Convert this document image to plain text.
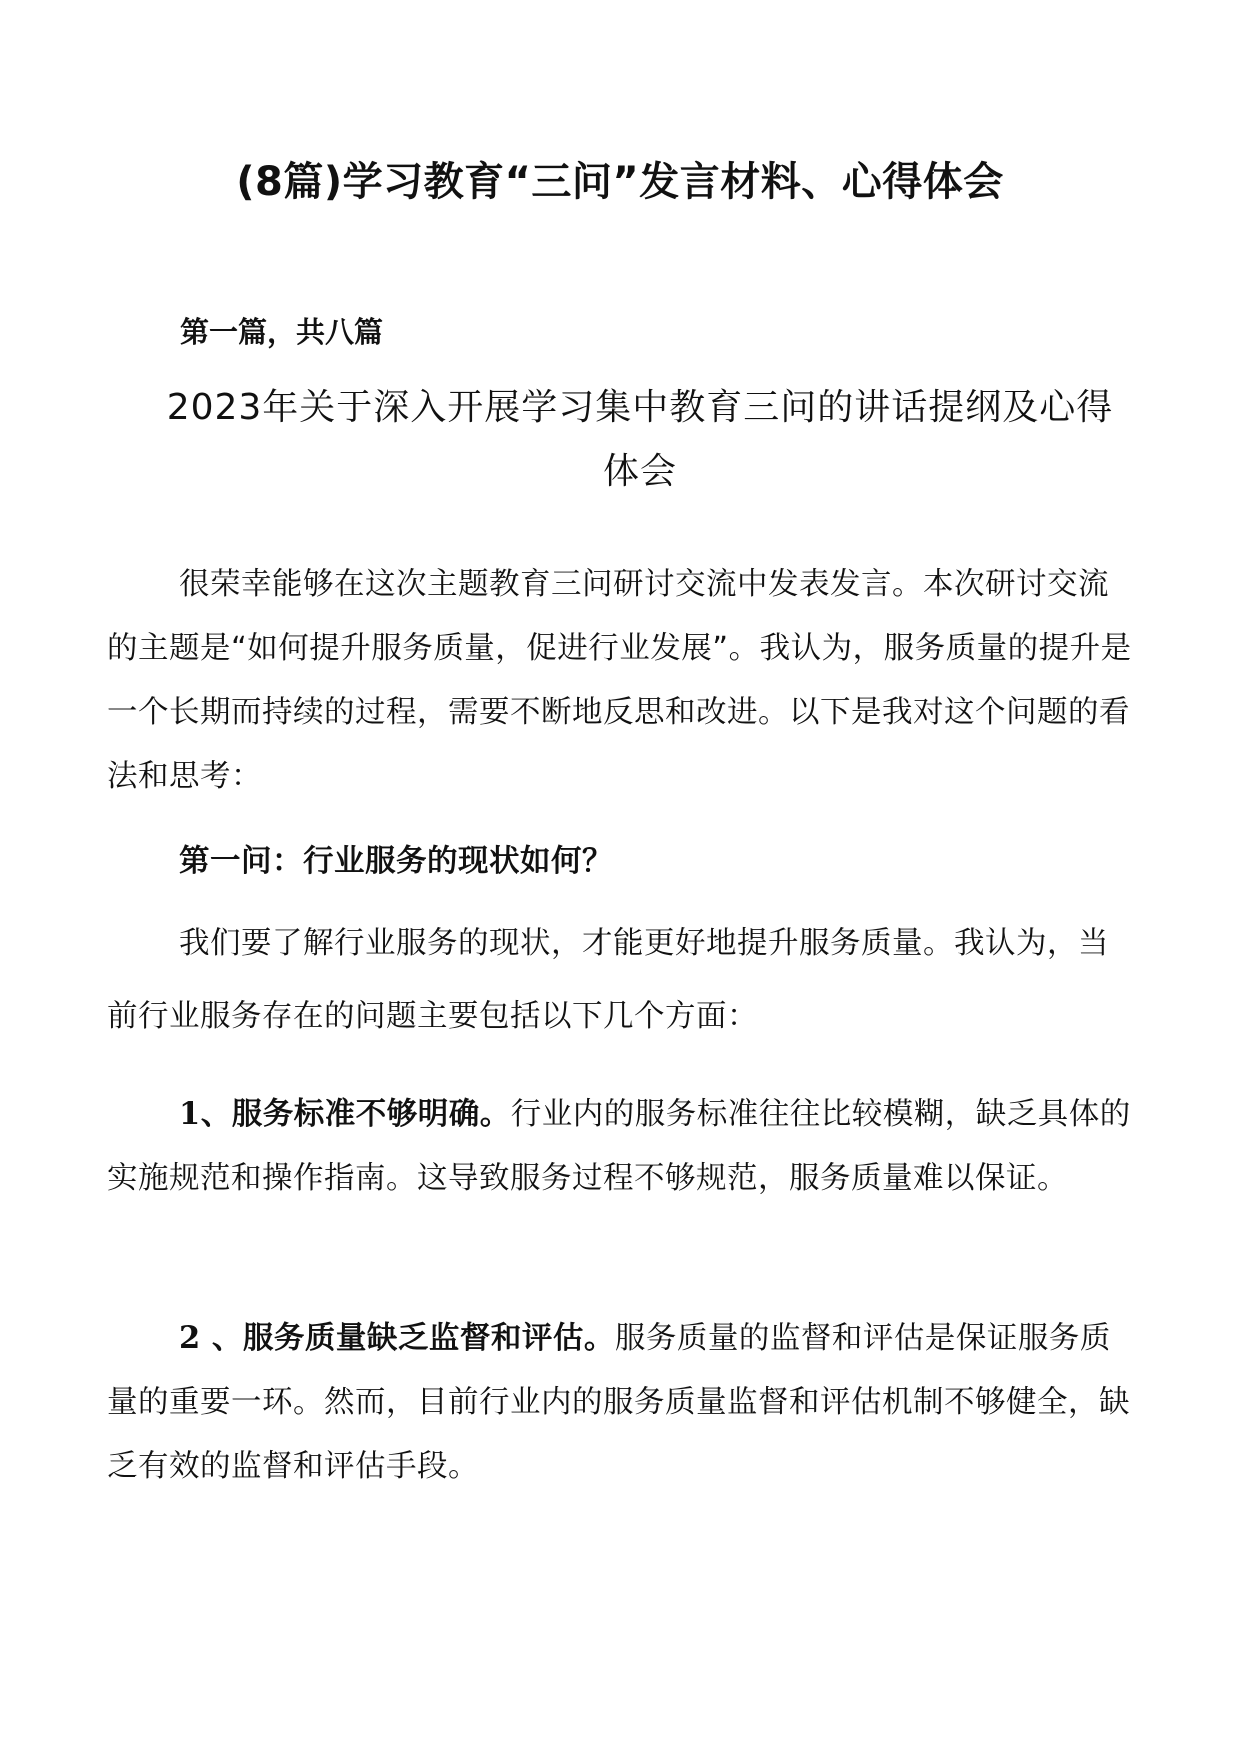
(8篇)学习教育“三问”发言材料、心得体会

第一篇，共八篇

2023年关于深入开展学习集中教育三问的讲话提纲及心得体会

很荣幸能够在这次主题教育三问研讨交流中发表发言。本次研讨交流的主题是“如何提升服务质量，促进行业发展”。我认为，服务质量的提升是一个长期而持续的过程，需要不断地反思和改进。以下是我对这个问题的看法和思考：

第一问：行业服务的现状如何？

我们要了解行业服务的现状，才能更好地提升服务质量。我认为，当前行业服务存在的问题主要包括以下几个方面：

1、服务标准不够明确。行业内的服务标准往往比较模糊，缺乏具体的实施规范和操作指南。这导致服务过程不够规范，服务质量难以保证。

2 、服务质量缺乏监督和评估。服务质量的监督和评估是保证服务质量的重要一环。然而，目前行业内的服务质量监督和评估机制不够健全，缺乏有效的监督和评估手段。
